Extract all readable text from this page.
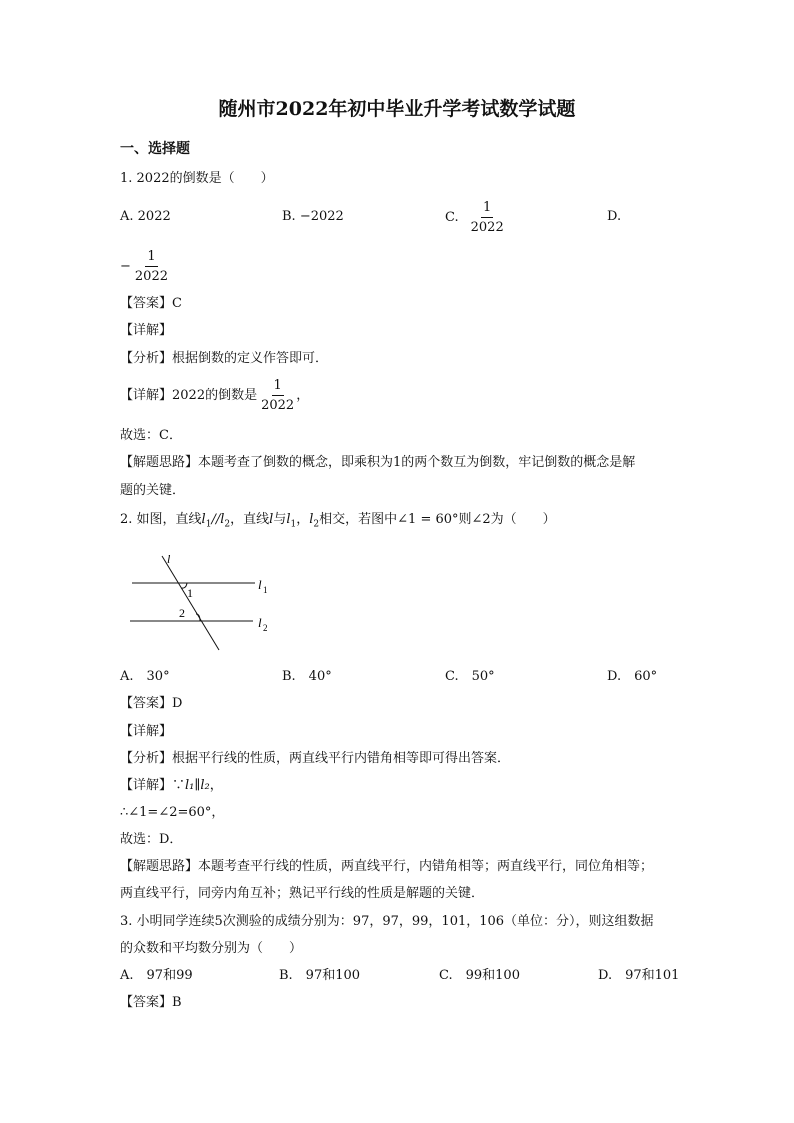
随州市2022年初中毕业升学考试数学试题
一、选择题
1. 2022的倒数是（　　）
A. 2022	B. −2022	C. $\frac{1}{2022}$	D.
− $\frac{1}{2022}$
【答案】C
【详解】
【分析】根据倒数的定义作答即可．
【详解】2022的倒数是 $\frac{1}{2022}$ ，
故选：C．
【解题思路】本题考查了倒数的概念，即乘积为1的两个数互为倒数，牢记倒数的概念是解
题的关键．
2. 如图，直线$l_1//l_2$，直线l与$l_1$，$l_2$相交，若图中∠1 = 60°则∠2为（　　）
l
1
2
l 1
l 2
A.　30°	B.　40°	C.　50°	D.　60°
【答案】D
【详解】
【分析】根据平行线的性质，两直线平行内错角相等即可得出答案．
【详解】∵l₁∥l₂，
∴∠1=∠2=60°，
故选：D．
【解题思路】本题考查平行线的性质，两直线平行，内错角相等；两直线平行，同位角相等；
两直线平行，同旁内角互补；熟记平行线的性质是解题的关键．
3. 小明同学连续5次测验的成绩分别为：97，97，99，101，106（单位：分），则这组数据
的众数和平均数分别为（　　）
A.　97和99	B.　97和100	C.　99和100	D.　97和101
【答案】B
